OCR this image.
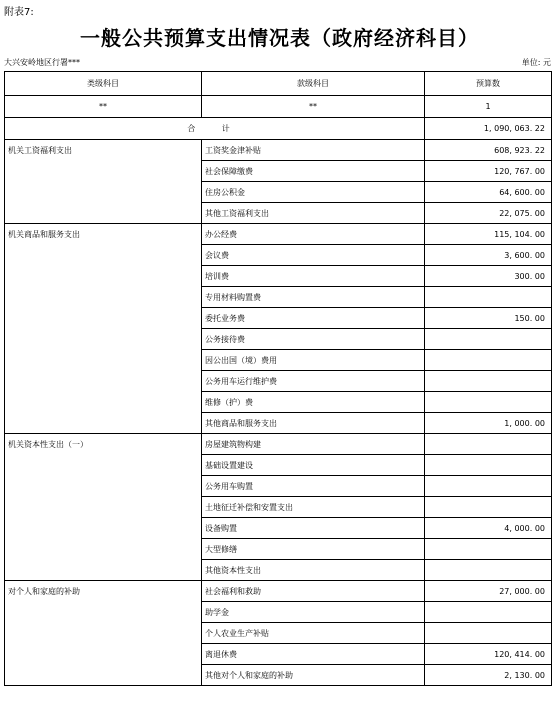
附表7:
一般公共预算支出情况表（政府经济科目）
大兴安岭地区行署***	单位: 元
类级科目	款级科目	预算数
**	**	1
合 计		1, 090, 063. 22
机关工资福利支出	工资奖金津补贴	608, 923. 22
	社会保障缴费	120, 767. 00
	住房公积金	64, 600. 00
	其他工资福利支出	22, 075. 00
机关商品和服务支出	办公经费	115, 104. 00
	会议费	3, 600. 00
	培训费	300. 00
	专用材料购置费	
	委托业务费	150. 00
	公务接待费	
	因公出国（境）费用	
	公务用车运行维护费	
	维修（护）费	
	其他商品和服务支出	1, 000. 00
机关资本性支出（一）	房屋建筑物构建	
	基础设置建设	
	公务用车购置	
	土地征迁补偿和安置支出	
	设备购置	4, 000. 00
	大型修缮	
	其他资本性支出	
对个人和家庭的补助	社会福利和救助	27, 000. 00
	助学金	
	个人农业生产补贴	
	离退休费	120, 414. 00
	其他对个人和家庭的补助	2, 130. 00
